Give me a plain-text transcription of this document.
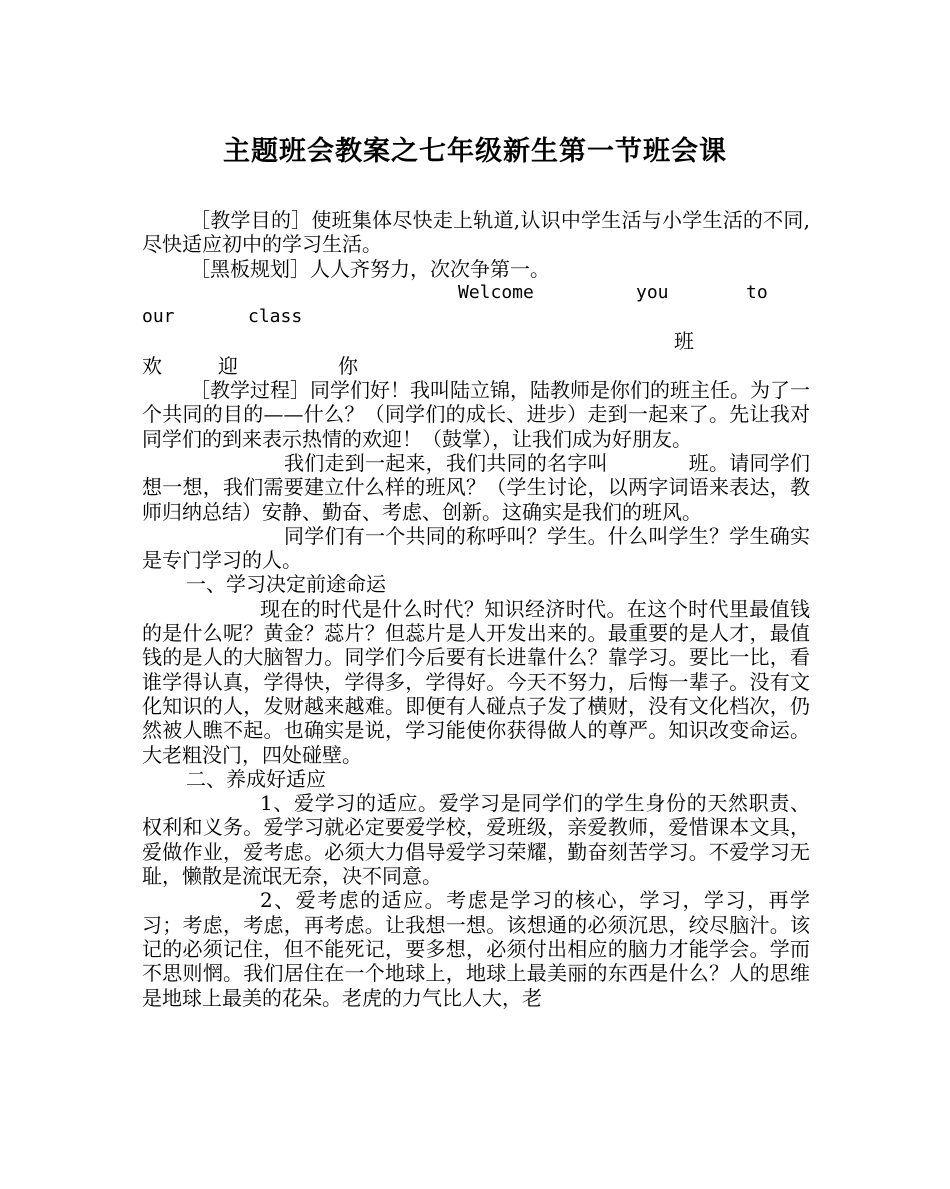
主题班会教案之七年级新生第一节班会课

［教学目的］使班集体尽快走上轨道,认识中学生活与小学生活的不同,尽快适应初中的学习生活。

［黑板规划］人人齐努力，次次争第一。

Welcome	you	to
our	class
班
欢	迎	你

［教学过程］同学们好！我叫陆立锦，陆教师是你们的班主任。为了一个共同的目的——什么？（同学们的成长、进步）走到一起来了。先让我对同学们的到来表示热情的欢迎！（鼓掌），让我们成为好朋友。

我们走到一起来，我们共同的名字叫　　　　班。请同学们想一想，我们需要建立什么样的班风？（学生讨论，以两字词语来表达，教师归纳总结）安静、勤奋、考虑、创新。这确实是我们的班风。

同学们有一个共同的称呼叫？学生。什么叫学生？学生确实是专门学习的人。

一、学习决定前途命运

现在的时代是什么时代？知识经济时代。在这个时代里最值钱的是什么呢？黄金？蕊片？但蕊片是人开发出来的。最重要的是人才，最值钱的是人的大脑智力。同学们今后要有长进靠什么？靠学习。要比一比，看谁学得认真，学得快，学得多，学得好。今天不努力，后悔一辈子。没有文化知识的人，发财越来越难。即便有人碰点子发了横财，没有文化档次，仍然被人瞧不起。也确实是说，学习能使你获得做人的尊严。知识改变命运。大老粗没门，四处碰壁。

二、养成好适应

1、爱学习的适应。爱学习是同学们的学生身份的天然职责、权利和义务。爱学习就必定要爱学校，爱班级，亲爱教师，爱惜课本文具，爱做作业，爱考虑。必须大力倡导爱学习荣耀，勤奋刻苦学习。不爱学习无耻，懒散是流氓无奈，决不同意。

2、爱考虑的适应。考虑是学习的核心，学习，学习，再学习；考虑，考虑，再考虑。让我想一想。该想通的必须沉思，绞尽脑汁。该记的必须记住，但不能死记，要多想，必须付出相应的脑力才能学会。学而不思则惘。我们居住在一个地球上，地球上最美丽的东西是什么？人的思维是地球上最美的花朵。老虎的力气比人大，老
